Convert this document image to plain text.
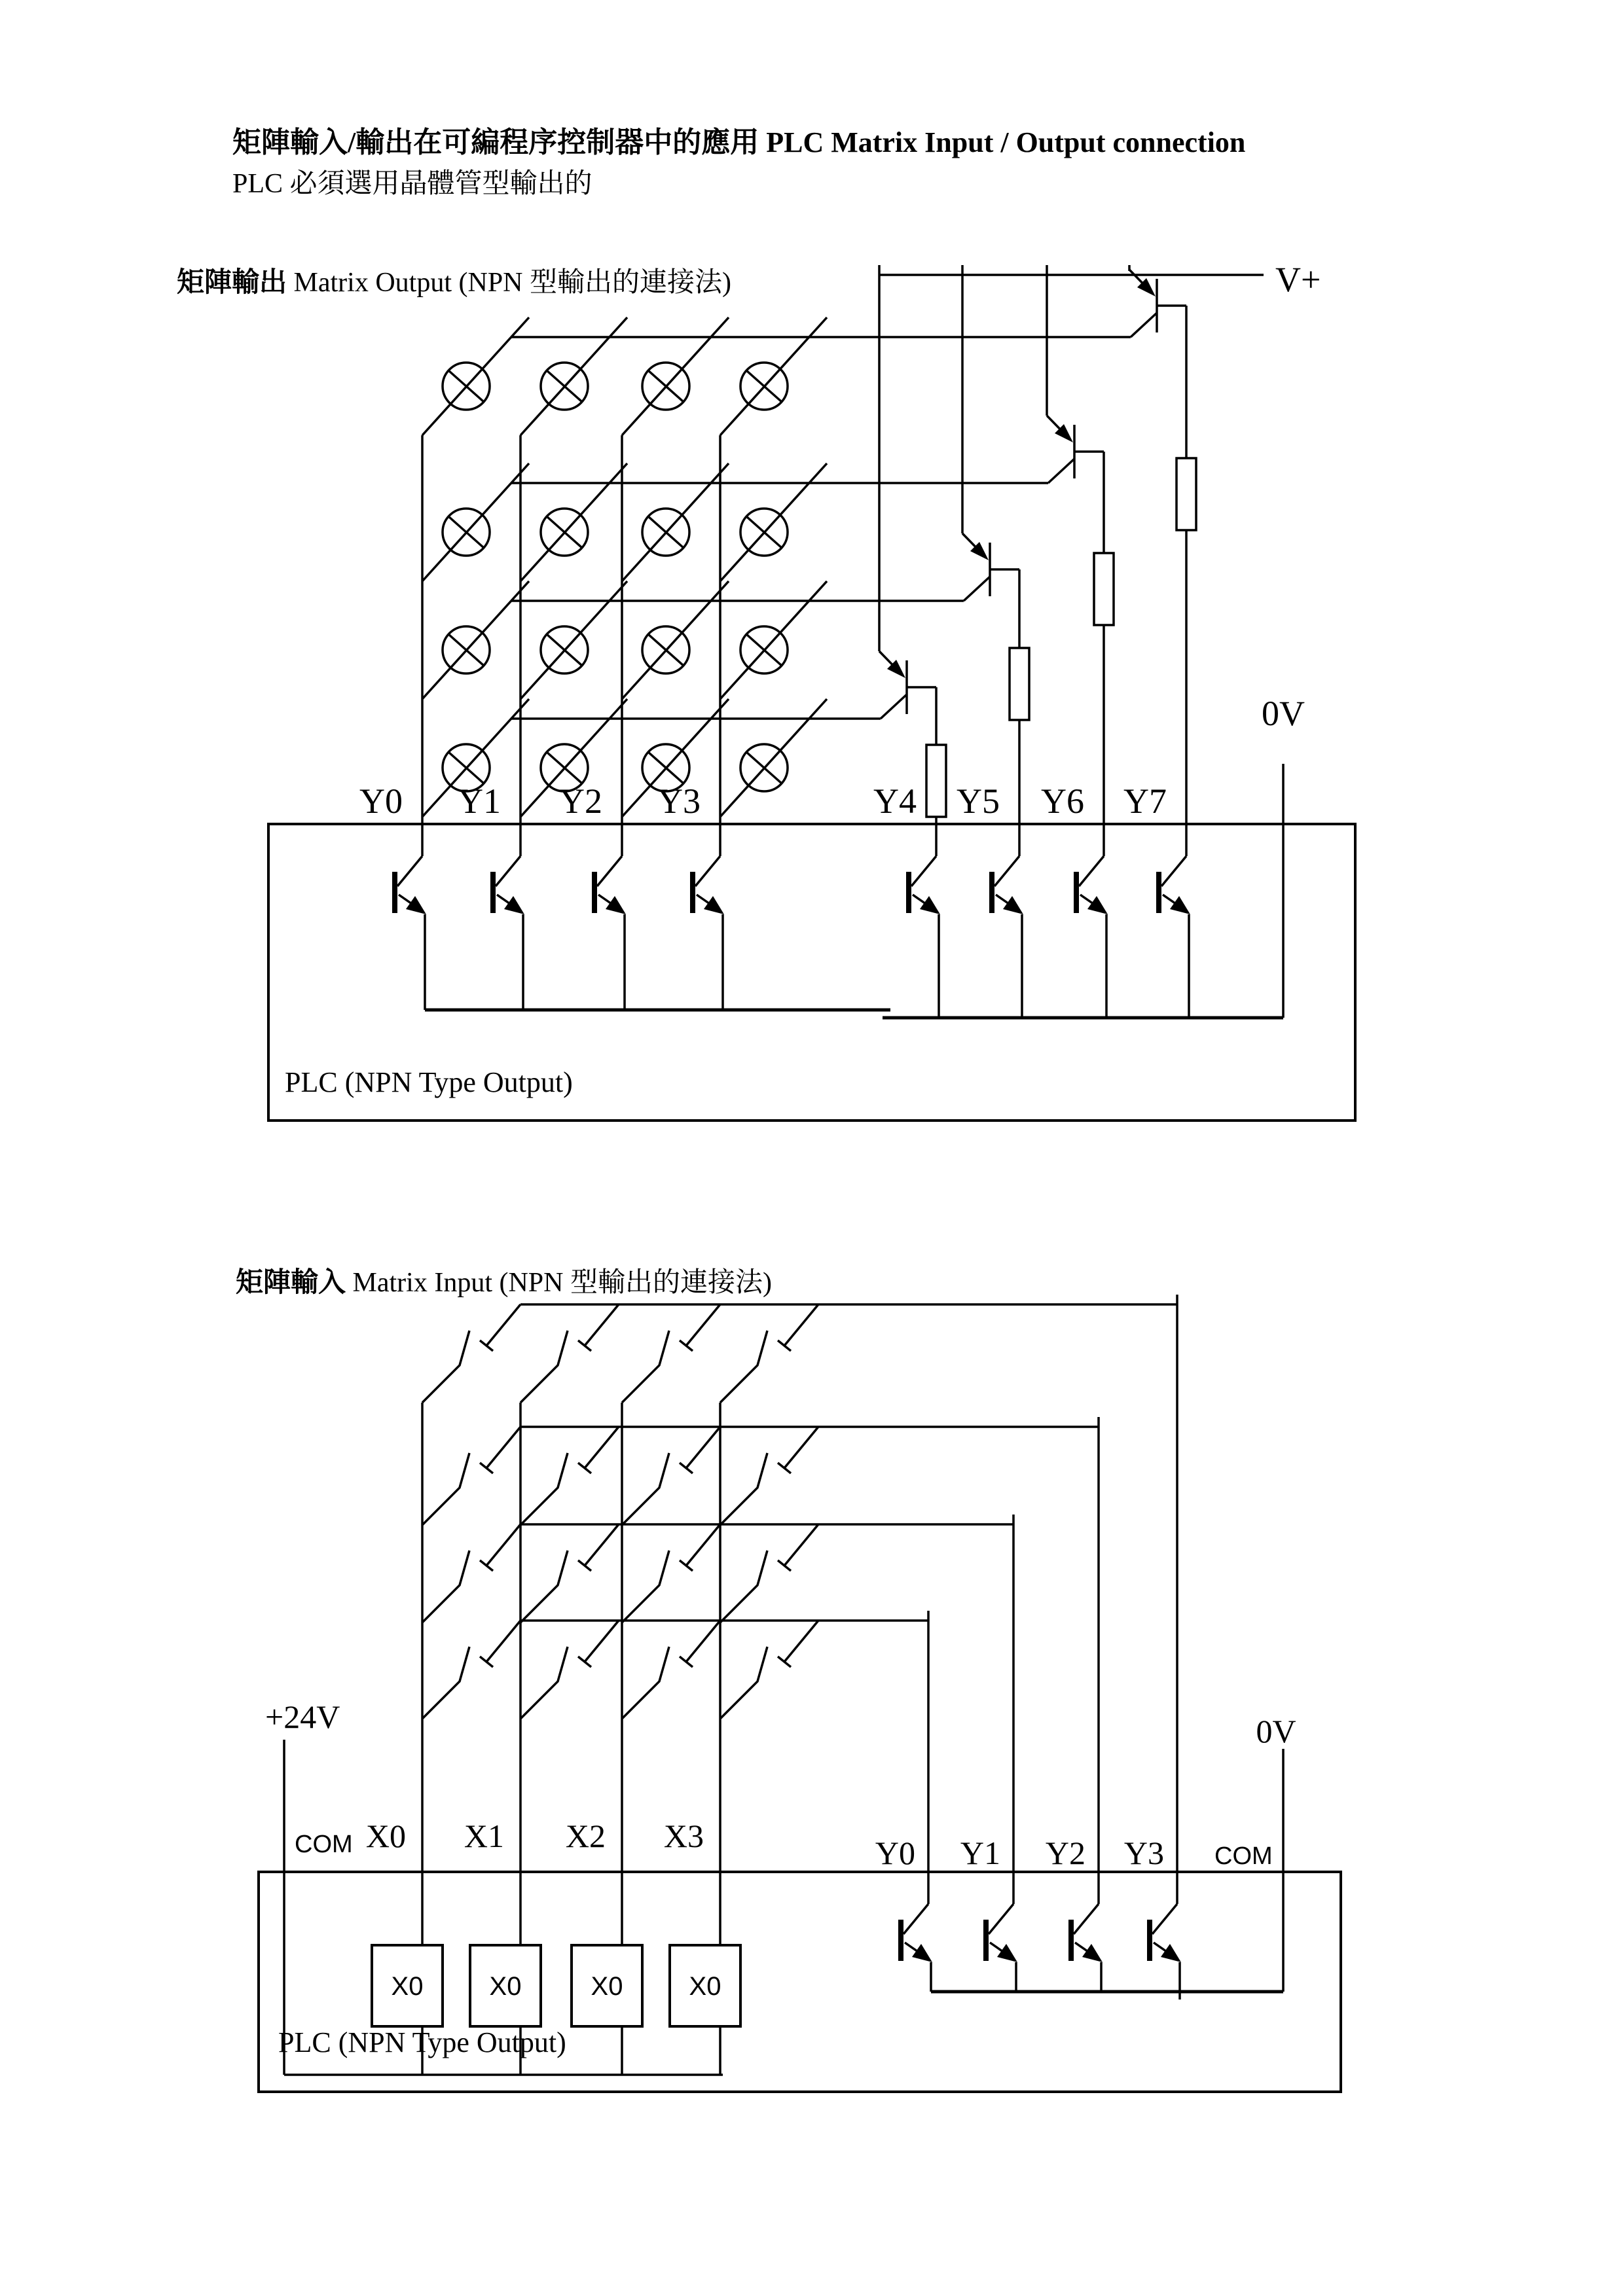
矩陣輸入/輸出在可編程序控制器中的應用 PLC Matrix Input / Output connection
PLC 必須選用晶體管型輸出的
矩陣輸出 Matrix Output (NPN 型輸出的連接法)	V+
0V
Y0 Y1 Y2 Y3	Y4 Y5 Y6 Y7
PLC (NPN Type Output)
矩陣輸入 Matrix Input (NPN 型輸出的連接法)
+24V
COM X0 X1 X2 X3	Y0 Y1 Y2 Y3 COM
0V
X0	X0	X0	X0
PLC (NPN Type Output)
